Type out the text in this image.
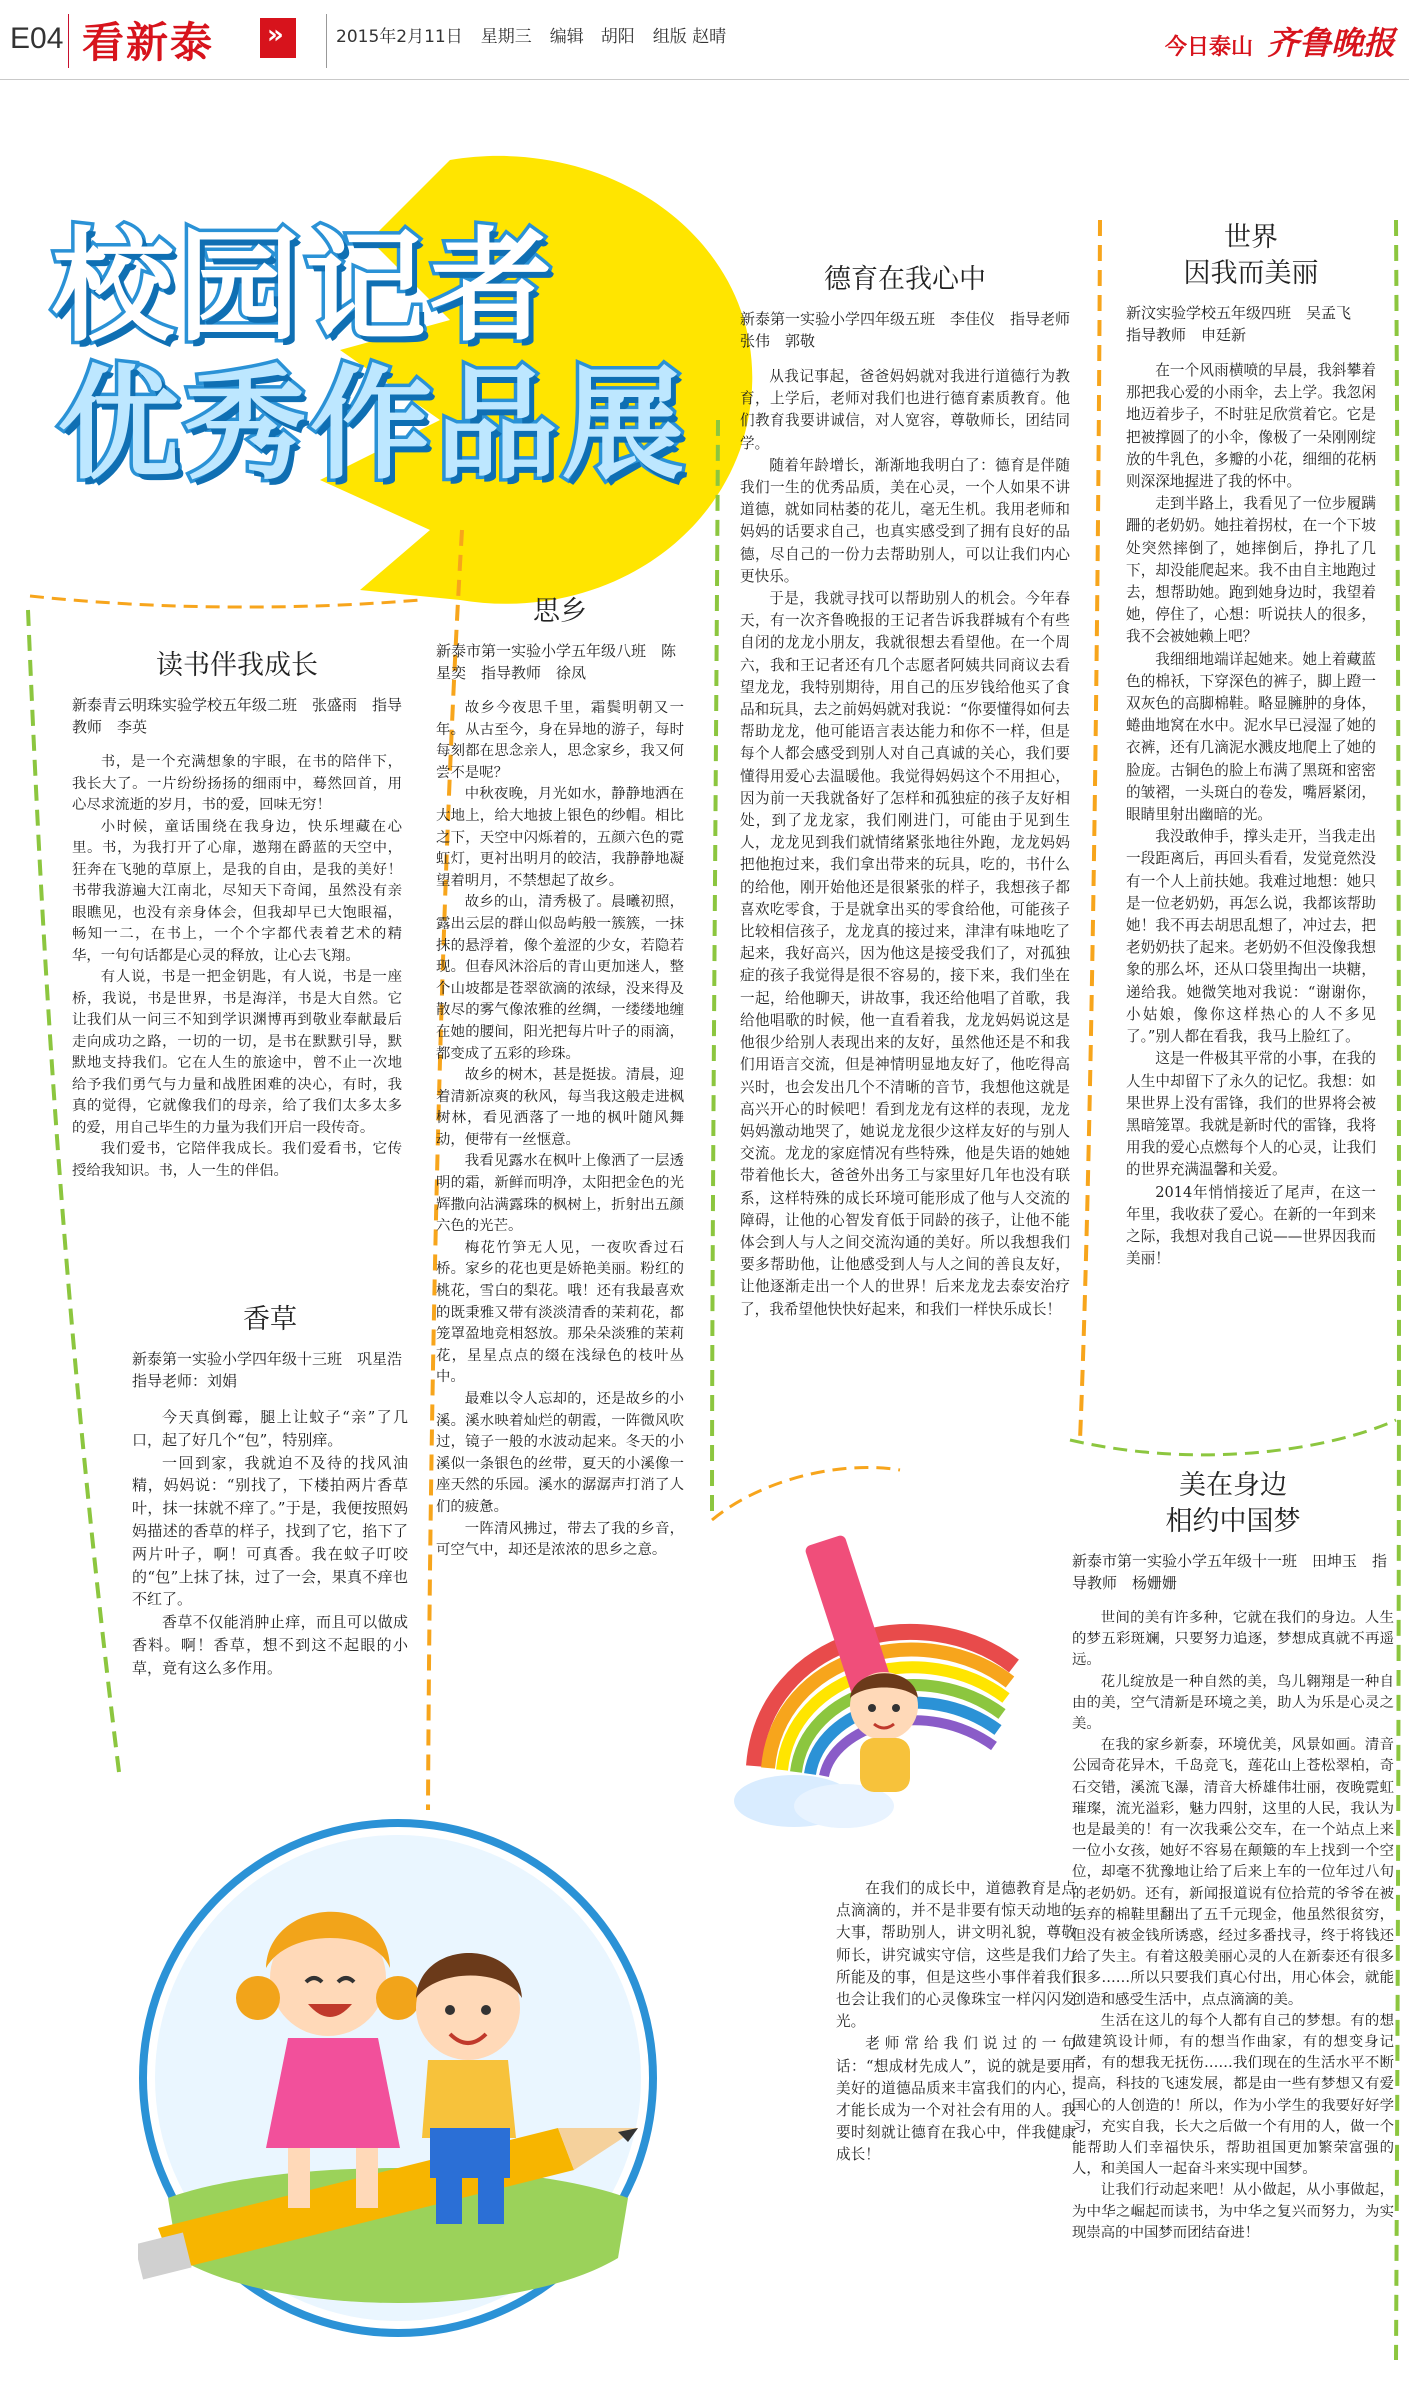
E04 看新泰 »	2015年2月11日 星期三 编辑　胡阳 组版 赵晴	今日泰山 齐鲁晚报
校园记者
优秀作品展
读书伴我成长
新泰青云明珠实验学校五年级二班　张盛雨　指导教师　李英

书，是一个充满想象的宇眼，在书的陪伴下，我长大了。一片纷纷扬扬的细雨中，蓦然回首，用心尽求流逝的岁月，书的爱，回味无穷！

小时候，童话围绕在我身边，快乐埋藏在心里。书，为我打开了心扉，遨翔在爵蓝的天空中，狂奔在飞驰的草原上，是我的自由，是我的美好！书带我游遍大江南北，尽知天下奇闻，虽然没有亲眼瞧见，也没有亲身体会，但我却早已大饱眼福，畅知一二，在书上，一个个字都代表着艺术的精华，一句句话都是心灵的释放，让心去飞翔。

有人说，书是一把金钥匙，有人说，书是一座桥，我说，书是世界，书是海洋，书是大自然。它让我们从一问三不知到学识渊博再到敬业奉献最后走向成功之路，一切的一切，是书在默默引导，默默地支持我们。它在人生的旅途中，曾不止一次地给予我们勇气与力量和战胜困难的决心，有时，我真的觉得，它就像我们的母亲，给了我们太多太多的爱，用自己毕生的力量为我们开启一段传奇。

我们爱书，它陪伴我成长。我们爱看书，它传授给我知识。书，人一生的伴侣。

香草
新泰第一实验小学四年级十三班　巩星浩　指导老师：刘娟

今天真倒霉，腿上让蚊子“亲”了几口，起了好几个“包”，特别痒。

一回到家，我就迫不及待的找风油精，妈妈说：“别找了，下楼拍两片香草叶，抹一抹就不痒了。”于是，我便按照妈妈描述的香草的样子，找到了它，掐下了两片叶子，啊！可真香。我在蚊子叮咬的“包”上抹了抹，过了一会，果真不痒也不红了。

香草不仅能消肿止痒，而且可以做成香料。啊！香草，想不到这不起眼的小草，竟有这么多作用。

思乡
新泰市第一实验小学五年级八班　陈星奕　指导教师　徐凤

故乡今夜思千里，霜鬓明朝又一年。从古至今，身在异地的游子，每时每刻都在思念亲人，思念家乡，我又何尝不是呢？

中秋夜晚，月光如水，静静地洒在大地上，给大地披上银色的纱帽。相比之下，天空中闪烁着的，五颜六色的霓虹灯，更衬出明月的皎洁，我静静地凝望着明月，不禁想起了故乡。

故乡的山，清秀极了。晨曦初照，露出云层的群山似岛屿般一簇簇，一抹抹的悬浮着，像个羞涩的少女，若隐若现。但春风沐浴后的青山更加迷人，整个山坡都是苍翠欲滴的浓绿，没来得及散尽的雾气像浓雅的丝绸，一缕缕地缠在她的腰间，阳光把每片叶子的雨滴，都变成了五彩的珍珠。

故乡的树木，甚是挺拔。清晨，迎着清新凉爽的秋风，每当我这般走进枫树林，看见洒落了一地的枫叶随风舞动，便带有一丝惬意。

我看见露水在枫叶上像洒了一层透明的霜，新鲜而明净，太阳把金色的光辉撒向沾满露珠的枫树上，折射出五颜六色的光芒。

梅花竹笋无人见，一夜吹香过石桥。家乡的花也更是娇艳美丽。粉红的桃花，雪白的梨花。哦！还有我最喜欢的既秉雅又带有淡淡清香的茉莉花，都笼罩盈地竞相怒放。那朵朵淡雅的茉莉花，星星点点的缀在浅绿色的枝叶丛中。

最难以令人忘却的，还是故乡的小溪。溪水映着灿烂的朝霞，一阵微风吹过，镜子一般的水波动起来。冬天的小溪似一条银色的丝带，夏天的小溪像一座天然的乐园。溪水的潺潺声打消了人们的疲惫。

一阵清风拂过，带去了我的乡音，可空气中，却还是浓浓的思乡之意。

德育在我心中
新泰第一实验小学四年级五班　李佳仪　指导老师　张伟　郭敬

从我记事起，爸爸妈妈就对我进行道德行为教育，上学后，老师对我们也进行德育素质教育。他们教育我要讲诚信，对人宽容，尊敬师长，团结同学。

随着年龄增长，渐渐地我明白了：德育是伴随我们一生的优秀品质，美在心灵，一个人如果不讲道德，就如同枯萎的花儿，毫无生机。我用老师和妈妈的话要求自己，也真实感受到了拥有良好的品德，尽自己的一份力去帮助别人，可以让我们内心更快乐。

于是，我就寻找可以帮助别人的机会。今年春天，有一次齐鲁晚报的王记者告诉我群城有个有些自闭的龙龙小朋友，我就很想去看望他。在一个周六，我和王记者还有几个志愿者阿姨共同商议去看望龙龙，我特别期待，用自己的压岁钱给他买了食品和玩具，去之前妈妈就对我说：“你要懂得如何去帮助龙龙，他可能语言表达能力和你不一样，但是每个人都会感受到别人对自己真诚的关心，我们要懂得用爱心去温暖他。我觉得妈妈这个不用担心，因为前一天我就备好了怎样和孤独症的孩子友好相处，到了龙龙家，我们刚进门，可能由于见到生人，龙龙见到我们就情绪紧张地往外跑，龙龙妈妈把他抱过来，我们拿出带来的玩具，吃的，书什么的给他，刚开始他还是很紧张的样子，我想孩子都喜欢吃零食，于是就拿出买的零食给他，可能孩子比较相信孩子，龙龙真的接过来，津津有味地吃了起来，我好高兴，因为他这是接受我们了，对孤独症的孩子我觉得是很不容易的，接下来，我们坐在一起，给他聊天，讲故事，我还给他唱了首歌，我给他唱歌的时候，他一直看着我，龙龙妈妈说这是他很少给别人表现出来的友好，虽然他还是不和我们用语言交流，但是神情明显地友好了，他吃得高兴时，也会发出几个不清晰的音节，我想他这就是高兴开心的时候吧！看到龙龙有这样的表现，龙龙妈妈激动地哭了，她说龙龙很少这样友好的与别人交流。龙龙的家庭情况有些特殊，他是失语的她她带着他长大，爸爸外出务工与家里好几年也没有联系，这样特殊的成长环境可能形成了他与人交流的障碍，让他的心智发育低于同龄的孩子，让他不能体会到人与人之间交流沟通的美好。所以我想我们要多帮助他，让他感受到人与人之间的善良友好，让他逐渐走出一个人的世界！后来龙龙去泰安治疗了，我希望他快快好起来，和我们一样快乐成长！

在我们的成长中，道德教育是点点滴滴的，并不是非要有惊天动地的大事，帮助别人，讲文明礼貌，尊敬师长，讲究诚实守信，这些是我们力所能及的事，但是这些小事伴着我们也会让我们的心灵像珠宝一样闪闪发光。

老师常给我们说过的一句话：“想成材先成人”，说的就是要用美好的道德品质来丰富我们的内心，才能长成为一个对社会有用的人。我要时刻就让德育在我心中，伴我健康成长！

世界
因我而美丽
新汶实验学校五年级四班　吴孟飞　指导教师　申廷新

在一个风雨横喷的早晨，我斜攀着那把我心爱的小雨伞，去上学。我忽闲地迈着步子，不时驻足欣赏着它。它是把被撑圆了的小伞，像极了一朵刚刚绽放的牛乳色，多瓣的小花，细细的花柄则深深地握进了我的怀中。

走到半路上，我看见了一位步履蹒跚的老奶奶。她拄着拐杖，在一个下坡处突然摔倒了，她摔倒后，挣扎了几下，却没能爬起来。我不由自主地跑过去，想帮助她。跑到她身边时，我望着她，停住了，心想：听说扶人的很多，我不会被她赖上吧？

我细细地端详起她来。她上着藏蓝色的棉袄，下穿深色的裤子，脚上蹬一双灰色的高脚棉鞋。略显臃肿的身体，蜷曲地窝在水中。泥水早已浸湿了她的衣裤，还有几滴泥水溅皮地爬上了她的脸庞。古铜色的脸上布满了黑斑和密密的皱褶，一头斑白的卷发，嘴唇紧闭，眼睛里射出幽暗的光。

我没敢伸手，撑头走开，当我走出一段距离后，再回头看看，发觉竟然没有一个人上前扶她。我难过地想：她只是一位老奶奶，再怎么说，我都该帮助她！我不再去胡思乱想了，冲过去，把老奶奶扶了起来。老奶奶不但没像我想象的那么坏，还从口袋里掏出一块糖，递给我。她微笑地对我说：“谢谢你，小姑娘，像你这样热心的人不多见了。”别人都在看我，我马上脸红了。

这是一件极其平常的小事，在我的人生中却留下了永久的记忆。我想：如果世界上没有雷锋，我们的世界将会被黑暗笼罩。我就是新时代的雷锋，我将用我的爱心点燃每个人的心灵，让我们的世界充满温馨和关爱。

2014年悄悄接近了尾声，在这一年里，我收获了爱心。在新的一年到来之际，我想对我自己说——世界因我而美丽！

美在身边
相约中国梦
新泰市第一实验小学五年级十一班　田坤玉　指导教师　杨姗姗

世间的美有许多种，它就在我们的身边。人生的梦五彩斑斓，只要努力追逐，梦想成真就不再遥远。

花儿绽放是一种自然的美，鸟儿翱翔是一种自由的美，空气清新是环境之美，助人为乐是心灵之美。

在我的家乡新泰，环境优美，风景如画。清音公园奇花异木，千岛竞飞，莲花山上苍松翠柏，奇石交错，溪流飞瀑，清音大桥雄伟壮丽，夜晚霓虹璀璨，流光溢彩，魅力四射，这里的人民，我认为也是最美的！有一次我乘公交车，在一个站点上来一位小女孩，她好不容易在颠簸的车上找到一个空位，却毫不犹豫地让给了后来上车的一位年过八旬的老奶奶。还有，新闻报道说有位拾荒的爷爷在被丢弃的棉鞋里翻出了五千元现金，他虽然很贫穷，但没有被金钱所诱惑，经过多番找寻，终于将钱还给了失主。有着这般美丽心灵的人在新泰还有很多很多……所以只要我们真心付出，用心体会，就能创造和感受生活中，点点滴滴的美。

生活在这儿的每个人都有自己的梦想。有的想做建筑设计师，有的想当作曲家，有的想变身记者，有的想我无抚伤……我们现在的生活水平不断提高，科技的飞速发展，都是由一些有梦想又有爱国心的人创造的！所以，作为小学生的我要好好学习，充实自我，长大之后做一个有用的人，做一个能帮助人们幸福快乐，帮助祖国更加繁荣富强的人，和美国人一起奋斗来实现中国梦。

让我们行动起来吧！从小做起，从小事做起，为中华之崛起而读书，为中华之复兴而努力，为实现崇高的中国梦而团结奋进！
